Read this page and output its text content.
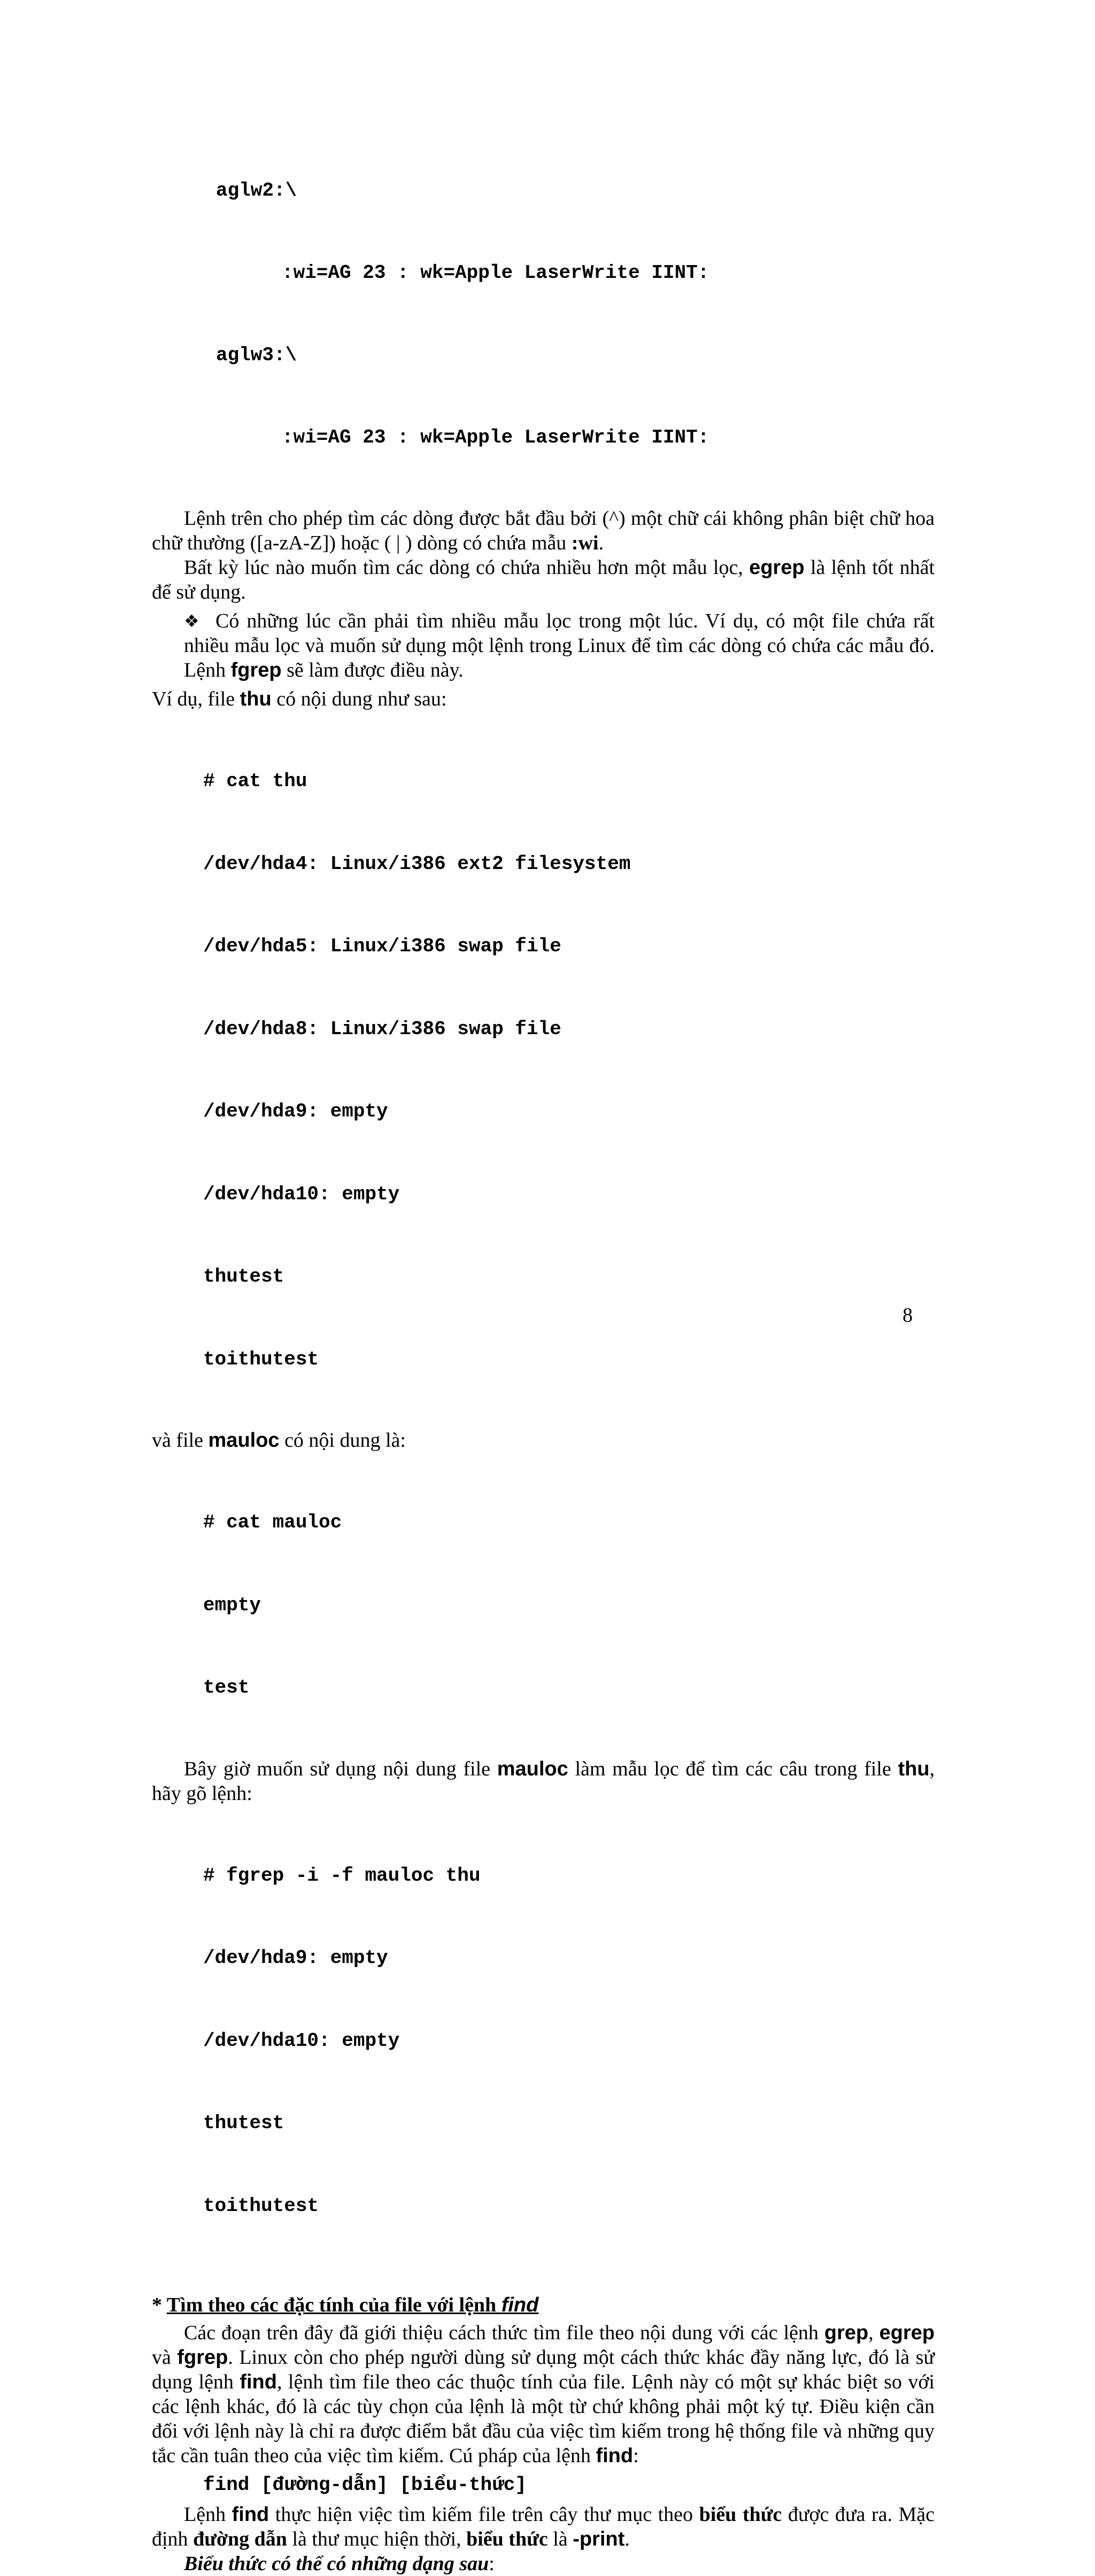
aglw2:\

:wi=AG 23 : wk=Apple LaserWrite IINT:

aglw3:\

:wi=AG 23 : wk=Apple LaserWrite IINT:

Lệnh trên cho phép tìm các dòng được bắt đầu bởi (^) một chữ cái không phân biệt chữ hoa chữ thường ([a-zA-Z]) hoặc ( | ) dòng có chứa mẫu :wi.
Bất kỳ lúc nào muốn tìm các dòng có chứa nhiều hơn một mẫu lọc, egrep là lệnh tốt nhất để sử dụng.
❖ Có những lúc cần phải tìm nhiều mẫu lọc trong một lúc. Ví dụ, có một file chứa rất nhiều mẫu lọc và muốn sử dụng một lệnh trong Linux để tìm các dòng có chứa các mẫu đó. Lệnh fgrep sẽ làm được điều này.
Ví dụ, file thu có nội dung như sau:

# cat thu

/dev/hda4: Linux/i386 ext2 filesystem

/dev/hda5: Linux/i386 swap file

/dev/hda8: Linux/i386 swap file

/dev/hda9: empty

/dev/hda10: empty

thutest

toithutest

và file mauloc có nội dung là:

# cat mauloc

empty

test

Bây giờ muốn sử dụng nội dung file mauloc làm mẫu lọc để tìm các câu trong file thu, hãy gõ lệnh:

# fgrep -i -f mauloc thu

/dev/hda9: empty

/dev/hda10: empty

thutest

toithutest

* Tìm theo các đặc tính của file với lệnh find
Các đoạn trên đây đã giới thiệu cách thức tìm file theo nội dung với các lệnh grep, egrep và fgrep. Linux còn cho phép người dùng sử dụng một cách thức khác đầy năng lực, đó là sử dụng lệnh find, lệnh tìm file theo các thuộc tính của file. Lệnh này có một sự khác biệt so với các lệnh khác, đó là các tùy chọn của lệnh là một từ chứ không phải một ký tự. Điều kiện cần đối với lệnh này là chỉ ra được điểm bắt đầu của việc tìm kiếm trong hệ thống file và những quy tắc cần tuân theo của việc tìm kiếm. Cú pháp của lệnh find:
find [đường-dẫn] [biểu-thức]
Lệnh find thực hiện việc tìm kiếm file trên cây thư mục theo biểu thức được đưa ra. Mặc định đường dẫn là thư mục hiện thời, biểu thức là -print.
Biểu thức có thể có những dạng sau:
8
